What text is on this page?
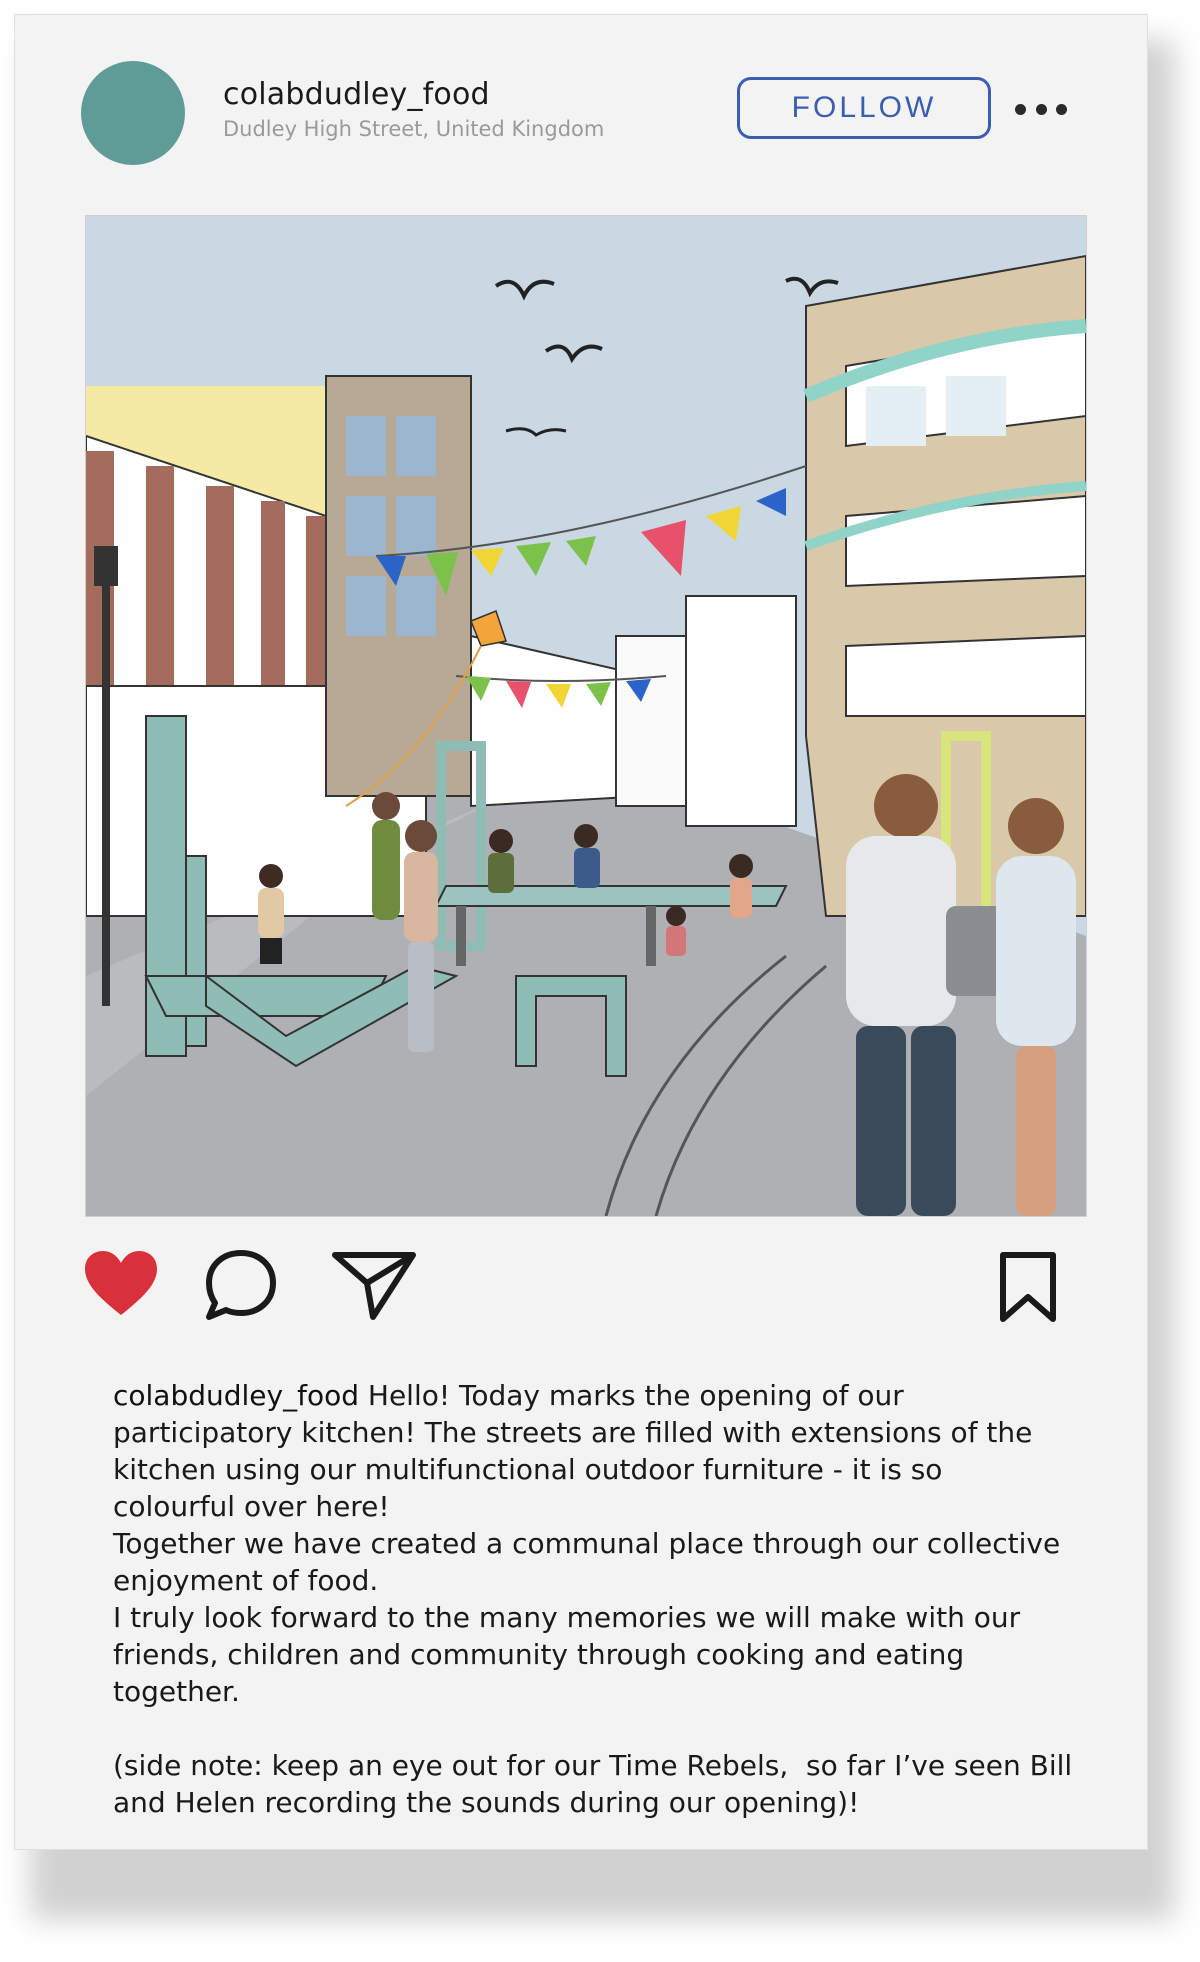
colabdudley_food
Dudley High Street, United Kingdom
FOLLOW

colabdudley_food Hello! Today marks the opening of our
participatory kitchen! The streets are filled with extensions of the
kitchen using our multifunctional outdoor furniture - it is so
colourful over here!
Together we have created a communal place through our collective
enjoyment of food.
I truly look forward to the many memories we will make with our
friends, children and community through cooking and eating
together.

(side note: keep an eye out for our Time Rebels,  so far I’ve seen Bill
and Helen recording the sounds during our opening)!
